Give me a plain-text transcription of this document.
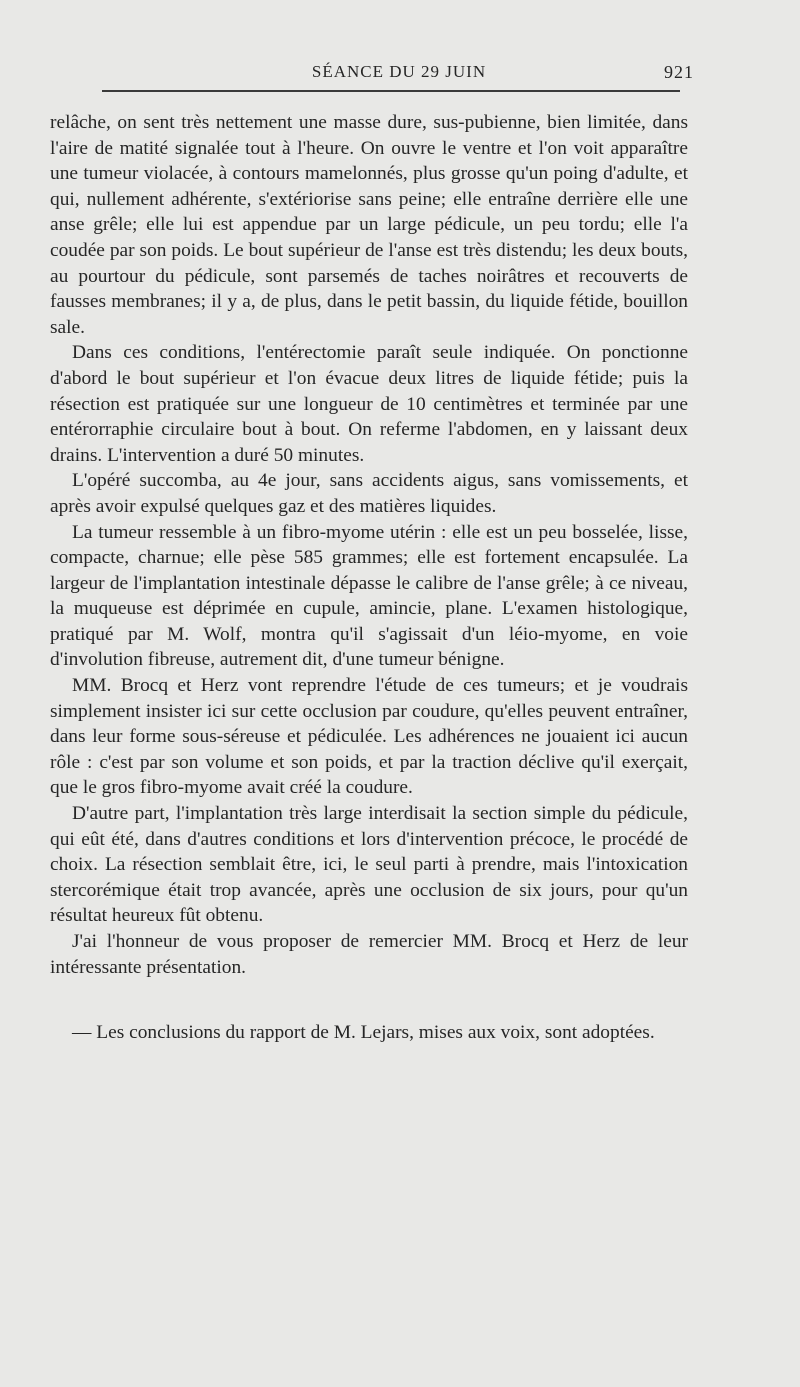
SÉANCE DU 29 JUIN	921

relâche, on sent très nettement une masse dure, sus-pubienne, bien limitée, dans l'aire de matité signalée tout à l'heure. On ouvre le ventre et l'on voit apparaître une tumeur violacée, à contours mamelonnés, plus grosse qu'un poing d'adulte, et qui, nullement adhérente, s'extériorise sans peine; elle entraîne derrière elle une anse grêle; elle lui est appendue par un large pédicule, un peu tordu; elle l'a coudée par son poids. Le bout supérieur de l'anse est très distendu; les deux bouts, au pourtour du pédicule, sont parsemés de taches noirâtres et recouverts de fausses membranes; il y a, de plus, dans le petit bassin, du liquide fétide, bouillon sale.

Dans ces conditions, l'entérectomie paraît seule indiquée. On ponctionne d'abord le bout supérieur et l'on évacue deux litres de liquide fétide; puis la résection est pratiquée sur une longueur de 10 centimètres et terminée par une entérorraphie circulaire bout à bout. On referme l'abdomen, en y laissant deux drains. L'intervention a duré 50 minutes.

L'opéré succomba, au 4e jour, sans accidents aigus, sans vomissements, et après avoir expulsé quelques gaz et des matières liquides.

La tumeur ressemble à un fibro-myome utérin : elle est un peu bosselée, lisse, compacte, charnue; elle pèse 585 grammes; elle est fortement encapsulée. La largeur de l'implantation intestinale dépasse le calibre de l'anse grêle; à ce niveau, la muqueuse est déprimée en cupule, amincie, plane. L'examen histologique, pratiqué par M. Wolf, montra qu'il s'agissait d'un léio-myome, en voie d'involution fibreuse, autrement dit, d'une tumeur bénigne.

MM. Brocq et Herz vont reprendre l'étude de ces tumeurs; et je voudrais simplement insister ici sur cette occlusion par coudure, qu'elles peuvent entraîner, dans leur forme sous-séreuse et pédiculée. Les adhérences ne jouaient ici aucun rôle : c'est par son volume et son poids, et par la traction déclive qu'il exerçait, que le gros fibro-myome avait créé la coudure.

D'autre part, l'implantation très large interdisait la section simple du pédicule, qui eût été, dans d'autres conditions et lors d'intervention précoce, le procédé de choix. La résection semblait être, ici, le seul parti à prendre, mais l'intoxication stercorémique était trop avancée, après une occlusion de six jours, pour qu'un résultat heureux fût obtenu.

J'ai l'honneur de vous proposer de remercier MM. Brocq et Herz de leur intéressante présentation.

— Les conclusions du rapport de M. Lejars, mises aux voix, sont adoptées.
